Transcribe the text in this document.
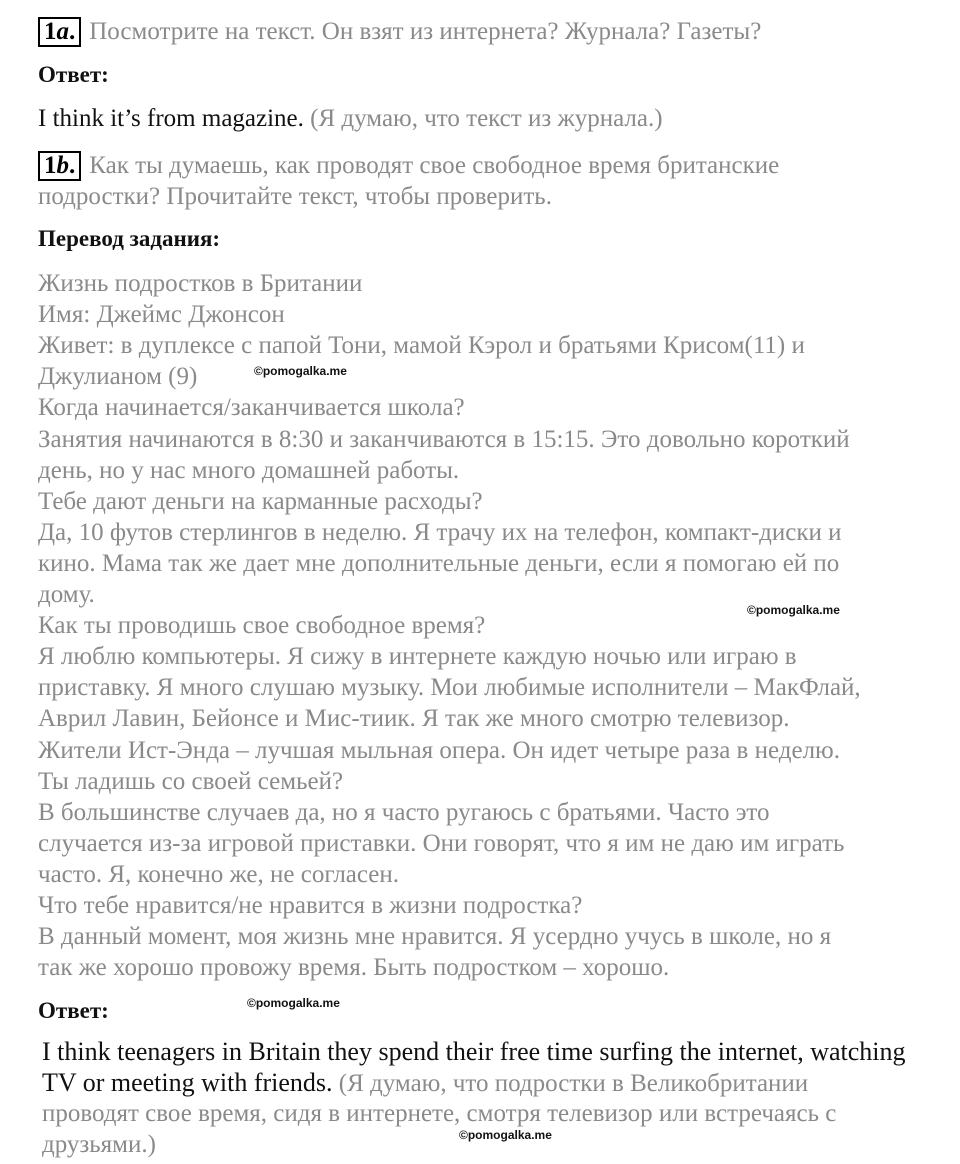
1a. Посмотрите на текст. Он взят из интернета? Журнала? Газеты?
Ответ:
I think it’s from magazine. (Я думаю, что текст из журнала.)
1b. Как ты думаешь, как проводят свое свободное время британские
подростки? Прочитайте текст, чтобы проверить.
Перевод задания:
Жизнь подростков в Британии
Имя: Джеймс Джонсон
Живет: в дуплексе с папой Тони, мамой Кэрол и братьями Крисом(11) и
Джулианом (9)
Когда начинается/заканчивается школа?
Занятия начинаются в 8:30 и заканчиваются в 15:15. Это довольно короткий
день, но у нас много домашней работы.
Тебе дают деньги на карманные расходы?
Да, 10 футов стерлингов в неделю. Я трачу их на телефон, компакт-диски и
кино. Мама так же дает мне дополнительные деньги, если я помогаю ей по
дому.
Как ты проводишь свое свободное время?
Я люблю компьютеры. Я сижу в интернете каждую ночью или играю в
приставку. Я много слушаю музыку. Мои любимые исполнители – МакФлай,
Аврил Лавин, Бейонсе и Мис-тиик. Я так же много смотрю телевизор.
Жители Ист-Энда – лучшая мыльная опера. Он идет четыре раза в неделю.
Ты ладишь со своей семьей?
В большинстве случаев да, но я часто ругаюсь с братьями. Часто это
случается из-за игровой приставки. Они говорят, что я им не даю им играть
часто. Я, конечно же, не согласен.
Что тебе нравится/не нравится в жизни подростка?
В данный момент, моя жизнь мне нравится. Я усердно учусь в школе, но я
так же хорошо провожу время. Быть подростком – хорошо.
Ответ:
I think teenagers in Britain they spend their free time surfing the internet, watching
TV or meeting with friends. (Я думаю, что подростки в Великобритании
проводят свое время, сидя в интернете, смотря телевизор или встречаясь с
друзьями.)
©pomogalka.me
©pomogalka.me
©pomogalka.me
©pomogalka.me
